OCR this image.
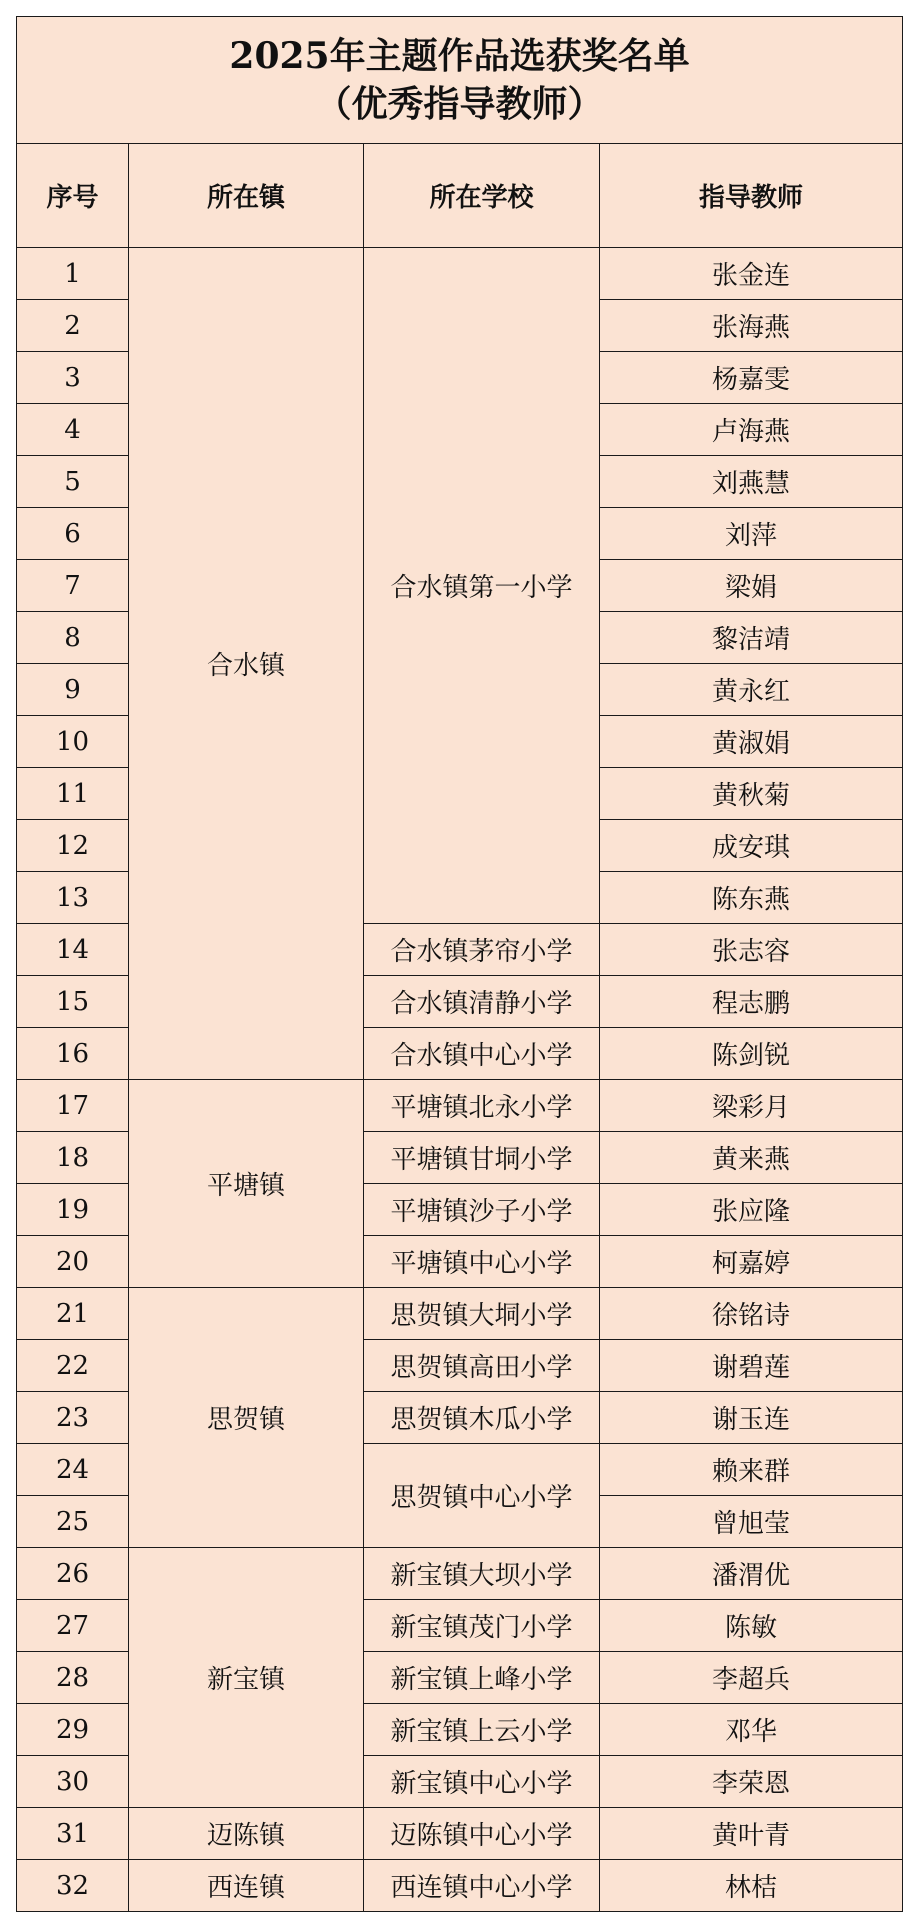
2025年主题作品选获奖名单
（优秀指导教师）			

序号	所在镇	所在学校	指导教师
1	合水镇	合水镇第一小学	张金连
2			张海燕
3			杨嘉雯
4			卢海燕
5			刘燕慧
6			刘萍
7			梁娟
8			黎洁靖
9			黄永红
10			黄淑娟
11			黄秋菊
12			成安琪
13			陈东燕
14		合水镇茅帘小学	张志容
15		合水镇清静小学	程志鹏
16		合水镇中心小学	陈剑锐
17	平塘镇	平塘镇北永小学	梁彩月
18		平塘镇甘垌小学	黄来燕
19		平塘镇沙子小学	张应隆
20		平塘镇中心小学	柯嘉婷
21	思贺镇	思贺镇大垌小学	徐铭诗
22		思贺镇高田小学	谢碧莲
23		思贺镇木瓜小学	谢玉连
24		思贺镇中心小学	赖来群
25			曾旭莹
26	新宝镇	新宝镇大坝小学	潘渭优
27		新宝镇茂门小学	陈敏
28		新宝镇上峰小学	李超兵
29		新宝镇上云小学	邓华
30		新宝镇中心小学	李荣恩
31	迈陈镇	迈陈镇中心小学	黄叶青
32	西连镇	西连镇中心小学	林桔
